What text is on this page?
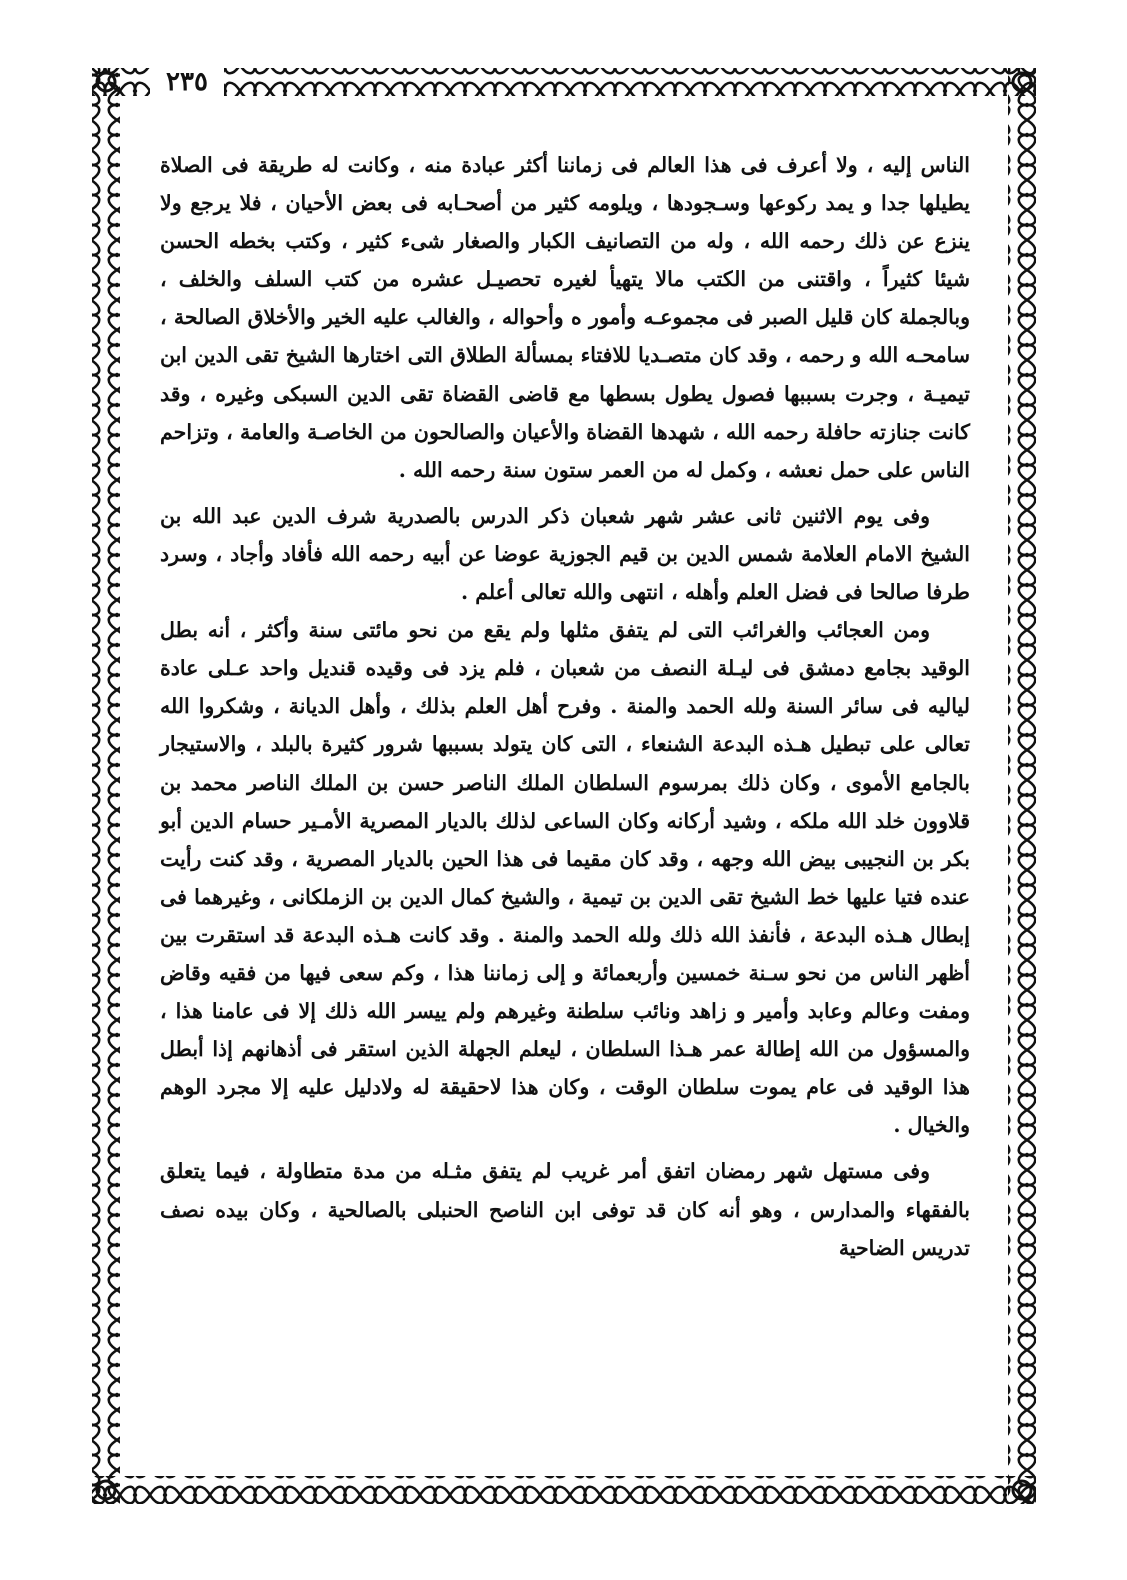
٢٣٥

الناس إليه ، ولا أعرف فى هذا العالم فى زماننا أكثر عبادة منه ، وكانت له طريقة فى الصلاة يطيلها جدا و يمد ركوعها وسـجودها ، ويلومه كثير من أصحـابه فى بعض الأحيان ، فلا يرجع ولا ينزع عن ذلك رحمه الله ، وله من التصانيف الكبار والصغار شىء كثير ، وكتب بخطه الحسن شيئا كثيراً ، واقتنى من الكتب مالا يتهيأ لغيره تحصيـل عشره من كتب السلف والخلف ، وبالجملة كان قليل الصبر فى مجموعـه وأمور ه وأحواله ، والغالب عليه الخير والأخلاق الصالحة ، سامحـه الله و رحمه ، وقد كان متصـديا للافتاء بمسألة الطلاق التى اختارها الشيخ تقى الدين ابن تيميـة ، وجرت بسببها فصول يطول بسطها مع قاضى القضاة تقى الدين السبكى وغيره ، وقد كانت جنازته حافلة رحمه الله ، شهدها القضاة والأعيان والصالحون من الخاصـة والعامة ، وتزاحم الناس على حمل نعشه ، وكمل له من العمر ستون سنة رحمه الله .

وفى يوم الاثنين ثانى عشر شهر شعبان ذكر الدرس بالصدرية شرف الدين عبد الله بن الشيخ الامام العلامة شمس الدين بن قيم الجوزية عوضا عن أبيه رحمه الله فأفاد وأجاد ، وسرد طرفا صالحا فى فضل العلم وأهله ، انتهى والله تعالى أعلم .

ومن العجائب والغرائب التى لم يتفق مثلها ولم يقع من نحو مائتى سنة وأكثر ، أنه بطل الوقيد بجامع دمشق فى ليـلة النصف من شعبان ، فلم يزد فى وقيده قنديل واحد عـلى عادة لياليه فى سائر السنة ولله الحمد والمنة . وفرح أهل العلم بذلك ، وأهل الديانة ، وشكروا الله تعالى على تبطيل هـذه البدعة الشنعاء ، التى كان يتولد بسببها شرور كثيرة بالبلد ، والاستيجار بالجامع الأموى ، وكان ذلك بمرسوم السلطان الملك الناصر حسن بن الملك الناصر محمد بن قلاوون خلد الله ملكه ، وشيد أركانه وكان الساعى لذلك بالديار المصرية الأمـير حسام الدين أبو بكر بن النجيبى بيض الله وجهه ، وقد كان مقيما فى هذا الحين بالديار المصرية ، وقد كنت رأيت عنده فتيا عليها خط الشيخ تقى الدين بن تيمية ، والشيخ كمال الدين بن الزملكانى ، وغيرهما فى إبطال هـذه البدعة ، فأنفذ الله ذلك ولله الحمد والمنة . وقد كانت هـذه البدعة قد استقرت بين أظهر الناس من نحو سـنة خمسين وأربعمائة و إلى زماننا هذا ، وكم سعى فيها من فقيه وقاض ومفت وعالم وعابد وأمير و زاهد ونائب سلطنة وغيرهم ولم ييسر الله ذلك إلا فى عامنا هذا ، والمسؤول من الله إطالة عمر هـذا السلطان ، ليعلم الجهلة الذين استقر فى أذهانهم إذا أبطل هذا الوقيد فى عام يموت سلطان الوقت ، وكان هذا لاحقيقة له ولادليل عليه إلا مجرد الوهم والخيال .

وفى مستهل شهر رمضان اتفق أمر غريب لم يتفق مثـله من مدة متطاولة ، فيما يتعلق بالفقهاء والمدارس ، وهو أنه كان قد توفى ابن الناصح الحنبلى بالصالحية ، وكان بيده نصف تدريس الضاحية
